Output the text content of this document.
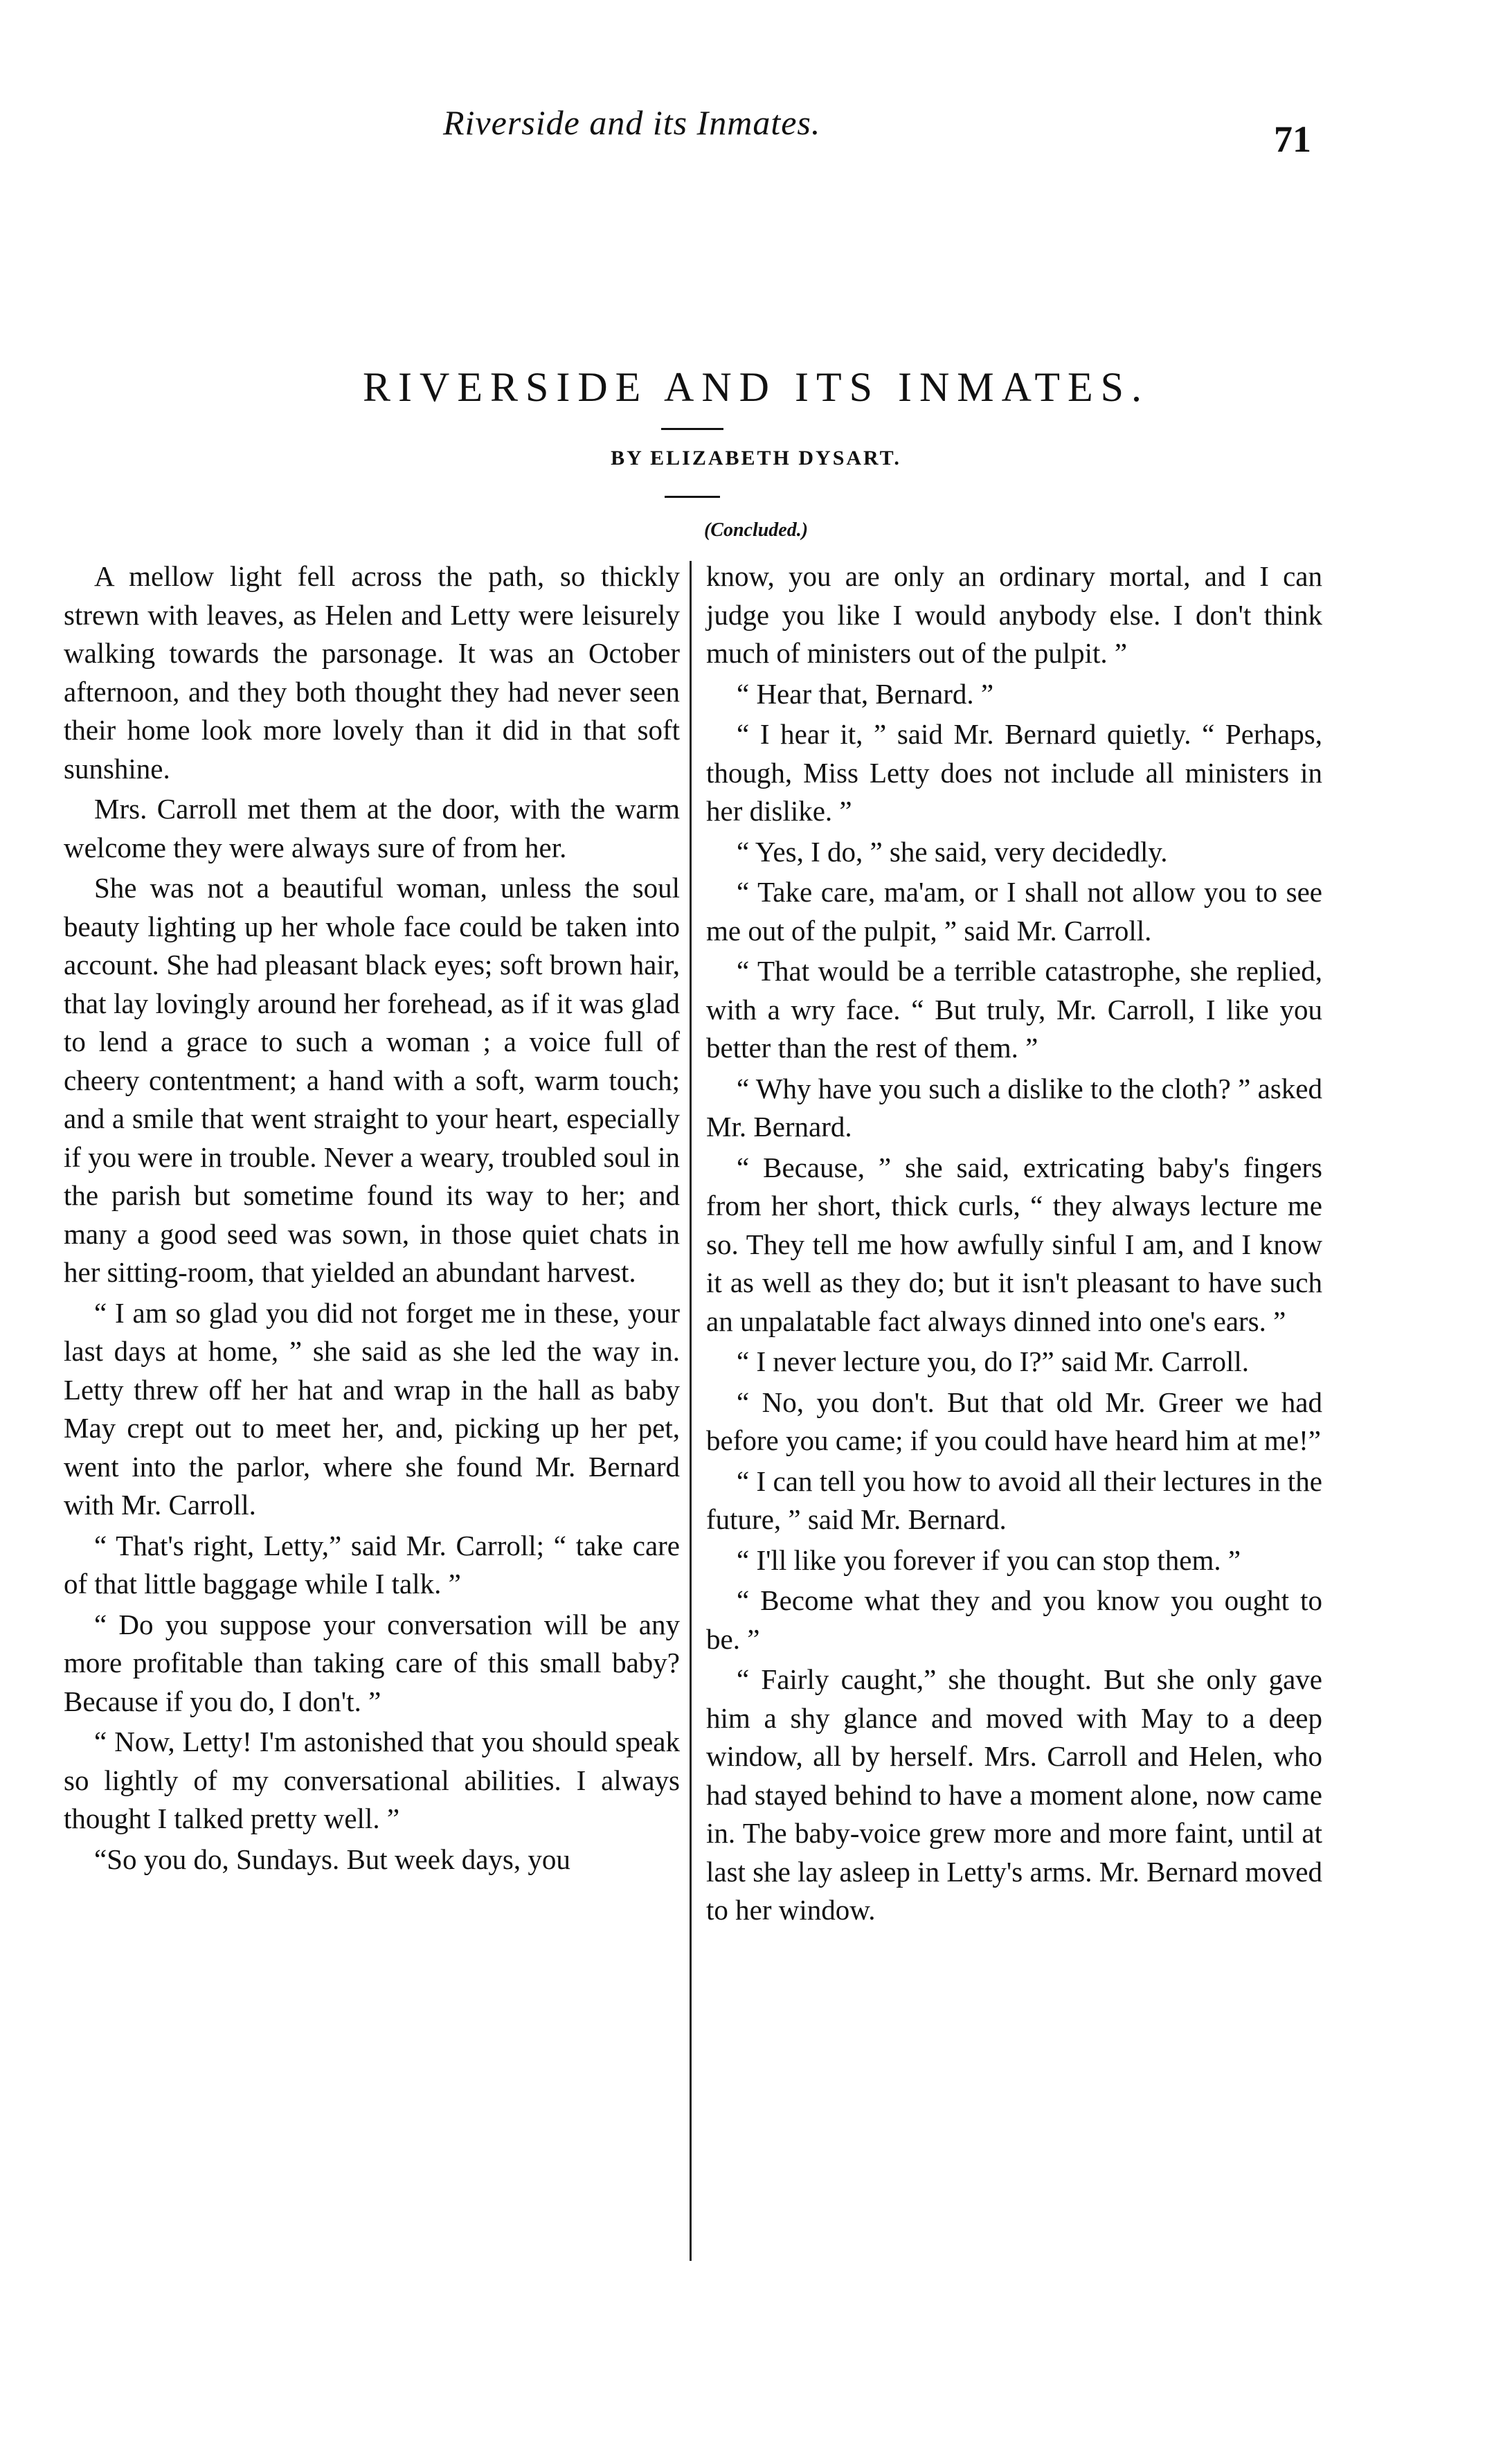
Riverside and its Inmates.	71
RIVERSIDE AND ITS INMATES.
BY ELIZABETH DYSART.
(Concluded.)

A mellow light fell across the path, so thickly strewn with leaves, as Helen and Letty were leisurely walking towards the parsonage. It was an October afternoon, and they both thought they had never seen their home look more lovely than it did in that soft sunshine.

Mrs. Carroll met them at the door, with the warm welcome they were always sure of from her.

She was not a beautiful woman, unless the soul beauty lighting up her whole face could be taken into account. She had pleasant black eyes; soft brown hair, that lay lovingly around her forehead, as if it was glad to lend a grace to such a woman ; a voice full of cheery contentment; a hand with a soft, warm touch; and a smile that went straight to your heart, especially if you were in trouble. Never a weary, troubled soul in the parish but sometime found its way to her; and many a good seed was sown, in those quiet chats in her sitting-room, that yielded an abundant harvest.

“ I am so glad you did not forget me in these, your last days at home, ” she said as she led the way in. Letty threw off her hat and wrap in the hall as baby May crept out to meet her, and, picking up her pet, went into the parlor, where she found Mr. Bernard with Mr. Carroll.

“ That's right, Letty,” said Mr. Carroll; “ take care of that little baggage while I talk. ”

“ Do you suppose your conversation will be any more profitable than taking care of this small baby? Because if you do, I don't. ”

“ Now, Letty! I'm astonished that you should speak so lightly of my conversational abilities. I always thought I talked pretty well. ”

“So you do, Sundays. But week days, you

know, you are only an ordinary mortal, and I can judge you like I would anybody else. I don't think much of ministers out of the pulpit. ”

“ Hear that, Bernard. ”

“ I hear it, ” said Mr. Bernard quietly. “ Perhaps, though, Miss Letty does not include all ministers in her dislike. ”

“ Yes, I do, ” she said, very decidedly.

“ Take care, ma'am, or I shall not allow you to see me out of the pulpit, ” said Mr. Carroll.

“ That would be a terrible catastrophe, she replied, with a wry face. “ But truly, Mr. Carroll, I like you better than the rest of them. ”

“ Why have you such a dislike to the cloth? ” asked Mr. Bernard.

“ Because, ” she said, extricating baby's fingers from her short, thick curls, “ they always lecture me so. They tell me how awfully sinful I am, and I know it as well as they do; but it isn't pleasant to have such an unpalatable fact always dinned into one's ears. ”

“ I never lecture you, do I?” said Mr. Carroll.

“ No, you don't. But that old Mr. Greer we had before you came; if you could have heard him at me!”

“ I can tell you how to avoid all their lectures in the future, ” said Mr. Bernard.

“ I'll like you forever if you can stop them. ”

“ Become what they and you know you ought to be. ”

“ Fairly caught,” she thought. But she only gave him a shy glance and moved with May to a deep window, all by herself. Mrs. Carroll and Helen, who had stayed behind to have a moment alone, now came in. The baby-voice grew more and more faint, until at last she lay asleep in Letty's arms. Mr. Bernard moved to her window.
